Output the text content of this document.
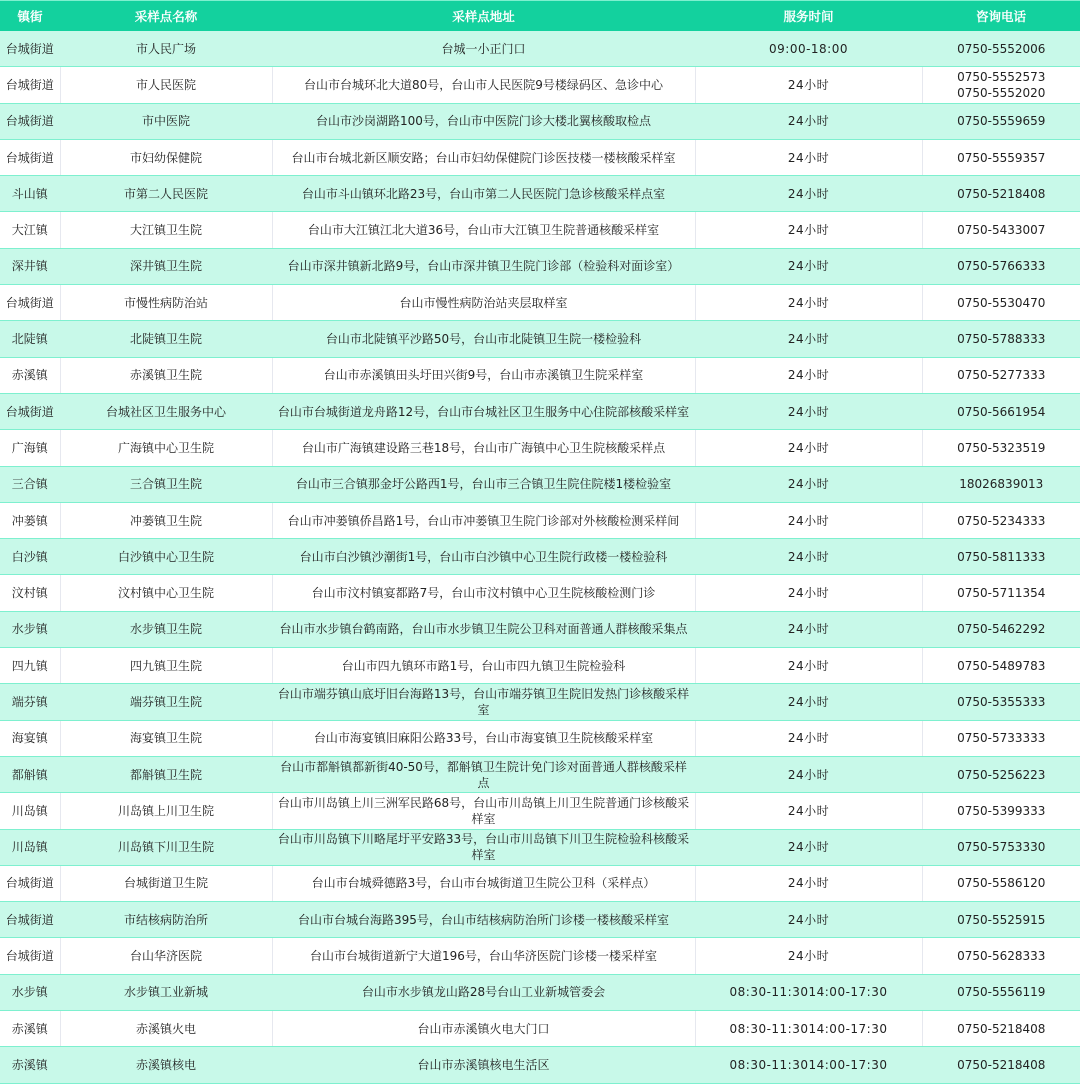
镇街	采样点名称	采样点地址	服务时间	咨询电话
台城街道	市人民广场	台城一小正门口	09:00-18:00	0750-5552006

台城街道	市人民医院	台山市台城环北大道80号，台山市人民医院9号楼绿码区、急诊中心	24小时	0750-5552573
0750-5552020

台城街道	市中医院	台山市沙岗湖路100号，台山市中医院门诊大楼北翼核酸取检点	24小时	0750-5559659

台城街道	市妇幼保健院	台山市台城北新区顺安路；台山市妇幼保健院门诊医技楼一楼核酸采样室	24小时	0750-5559357

斗山镇	市第二人民医院	台山市斗山镇环北路23号，台山市第二人民医院门急诊核酸采样点室	24小时	0750-5218408

大江镇	大江镇卫生院	台山市大江镇江北大道36号，台山市大江镇卫生院普通核酸采样室	24小时	0750-5433007

深井镇	深井镇卫生院	台山市深井镇新北路9号，台山市深井镇卫生院门诊部（检验科对面诊室）	24小时	0750-5766333

台城街道	市慢性病防治站	台山市慢性病防治站夹层取样室	24小时	0750-5530470

北陡镇	北陡镇卫生院	台山市北陡镇平沙路50号，台山市北陡镇卫生院一楼检验科	24小时	0750-5788333

赤溪镇	赤溪镇卫生院	台山市赤溪镇田头圩田兴街9号，台山市赤溪镇卫生院采样室	24小时	0750-5277333

台城街道	台城社区卫生服务中心	台山市台城街道龙舟路12号，台山市台城社区卫生服务中心住院部核酸采样室	24小时	0750-5661954

广海镇	广海镇中心卫生院	台山市广海镇建设路三巷18号，台山市广海镇中心卫生院核酸采样点	24小时	0750-5323519

三合镇	三合镇卫生院	台山市三合镇那金圩公路西1号，台山市三合镇卫生院住院楼1楼检验室	24小时	18026839013

冲蒌镇	冲蒌镇卫生院	台山市冲蒌镇侨昌路1号，台山市冲蒌镇卫生院门诊部对外核酸检测采样间	24小时	0750-5234333

白沙镇	白沙镇中心卫生院	台山市白沙镇沙潮街1号，台山市白沙镇中心卫生院行政楼一楼检验科	24小时	0750-5811333

汶村镇	汶村镇中心卫生院	台山市汶村镇宴都路7号，台山市汶村镇中心卫生院核酸检测门诊	24小时	0750-5711354

水步镇	水步镇卫生院	台山市水步镇台鹤南路，台山市水步镇卫生院公卫科对面普通人群核酸采集点	24小时	0750-5462292

四九镇	四九镇卫生院	台山市四九镇环市路1号，台山市四九镇卫生院检验科	24小时	0750-5489783

端芬镇	端芬镇卫生院	台山市端芬镇山底圩旧台海路13号，台山市端芬镇卫生院旧发热门诊核酸采样室	24小时	0750-5355333

海宴镇	海宴镇卫生院	台山市海宴镇旧麻阳公路33号，台山市海宴镇卫生院核酸采样室	24小时	0750-5733333

都斛镇	都斛镇卫生院	台山市都斛镇都新街40-50号，都斛镇卫生院计免门诊对面普通人群核酸采样点	24小时	0750-5256223

川岛镇	川岛镇上川卫生院	台山市川岛镇上川三洲军民路68号，台山市川岛镇上川卫生院普通门诊核酸采样室	24小时	0750-5399333

川岛镇	川岛镇下川卫生院	台山市川岛镇下川略尾圩平安路33号，台山市川岛镇下川卫生院检验科核酸采样室	24小时	0750-5753330

台城街道	台城街道卫生院	台山市台城舜德路3号，台山市台城街道卫生院公卫科（采样点）	24小时	0750-5586120

台城街道	市结核病防治所	台山市台城台海路395号，台山市结核病防治所门诊楼一楼核酸采样室	24小时	0750-5525915

台城街道	台山华济医院	台山市台城街道新宁大道196号，台山华济医院门诊楼一楼采样室	24小时	0750-5628333

水步镇	水步镇工业新城	台山市水步镇龙山路28号台山工业新城管委会	08:30-11:3014:00-17:30	0750-5556119

赤溪镇	赤溪镇火电	台山市赤溪镇火电大门口	08:30-11:3014:00-17:30	0750-5218408

赤溪镇	赤溪镇核电	台山市赤溪镇核电生活区	08:30-11:3014:00-17:30	0750-5218408
